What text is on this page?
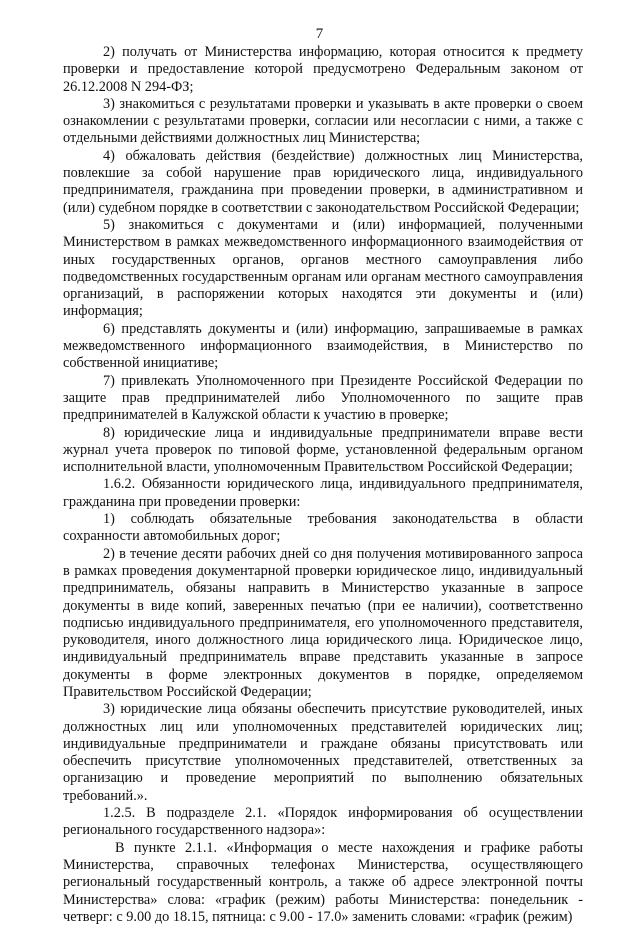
7

2) получать от Министерства информацию, которая относится к предмету проверки и предоставление которой предусмотрено Федеральным законом от 26.12.2008 N 294-ФЗ;

3) знакомиться с результатами проверки и указывать в акте проверки о своем ознакомлении с результатами проверки, согласии или несогласии с ними, а также с отдельными действиями должностных лиц Министерства;

4) обжаловать действия (бездействие) должностных лиц Министерства, повлекшие за собой нарушение прав юридического лица, индивидуального предпринимателя, гражданина при проведении проверки, в административном и (или) судебном порядке в соответствии с законодательством Российской Федерации;

5) знакомиться с документами и (или) информацией, полученными Министерством в рамках межведомственного информационного взаимодействия от иных государственных органов, органов местного самоуправления либо подведомственных государственным органам или органам местного самоуправления организаций, в распоряжении которых находятся эти документы и (или) информация;

6) представлять документы и (или) информацию, запрашиваемые в рамках межведомственного информационного взаимодействия, в Министерство по собственной инициативе;

7) привлекать Уполномоченного при Президенте Российской Федерации по защите прав предпринимателей либо Уполномоченного по защите прав предпринимателей в Калужской области к участию в проверке;

8) юридические лица и индивидуальные предприниматели вправе вести журнал учета проверок по типовой форме, установленной федеральным органом исполнительной власти, уполномоченным Правительством Российской Федерации;

1.6.2. Обязанности юридического лица, индивидуального предпринимателя, гражданина при проведении проверки:

1) соблюдать обязательные требования законодательства в области сохранности автомобильных дорог;

2) в течение десяти рабочих дней со дня получения мотивированного запроса в рамках проведения документарной проверки юридическое лицо, индивидуальный предприниматель, обязаны направить в Министерство указанные в запросе документы в виде копий, заверенных печатью (при ее наличии), соответственно подписью индивидуального предпринимателя, его уполномоченного представителя, руководителя, иного должностного лица юридического лица. Юридическое лицо, индивидуальный предприниматель вправе представить указанные в запросе документы в форме электронных документов в порядке, определяемом Правительством Российской Федерации;

3) юридические лица обязаны обеспечить присутствие руководителей, иных должностных лиц или уполномоченных представителей юридических лиц; индивидуальные предприниматели и граждане обязаны присутствовать или обеспечить присутствие уполномоченных представителей, ответственных за организацию и проведение мероприятий по выполнению обязательных требований.».

1.2.5. В подразделе 2.1. «Порядок информирования об осуществлении регионального государственного надзора»:

В пункте 2.1.1. «Информация о месте нахождения и графике работы Министерства, справочных телефонах Министерства, осуществляющего региональный государственный контроль, а также об адресе электронной почты Министерства» слова: «график (режим) работы Министерства: понедельник - четверг: с 9.00 до 18.15, пятница: с 9.00 - 17.0» заменить словами: «график (режим)
